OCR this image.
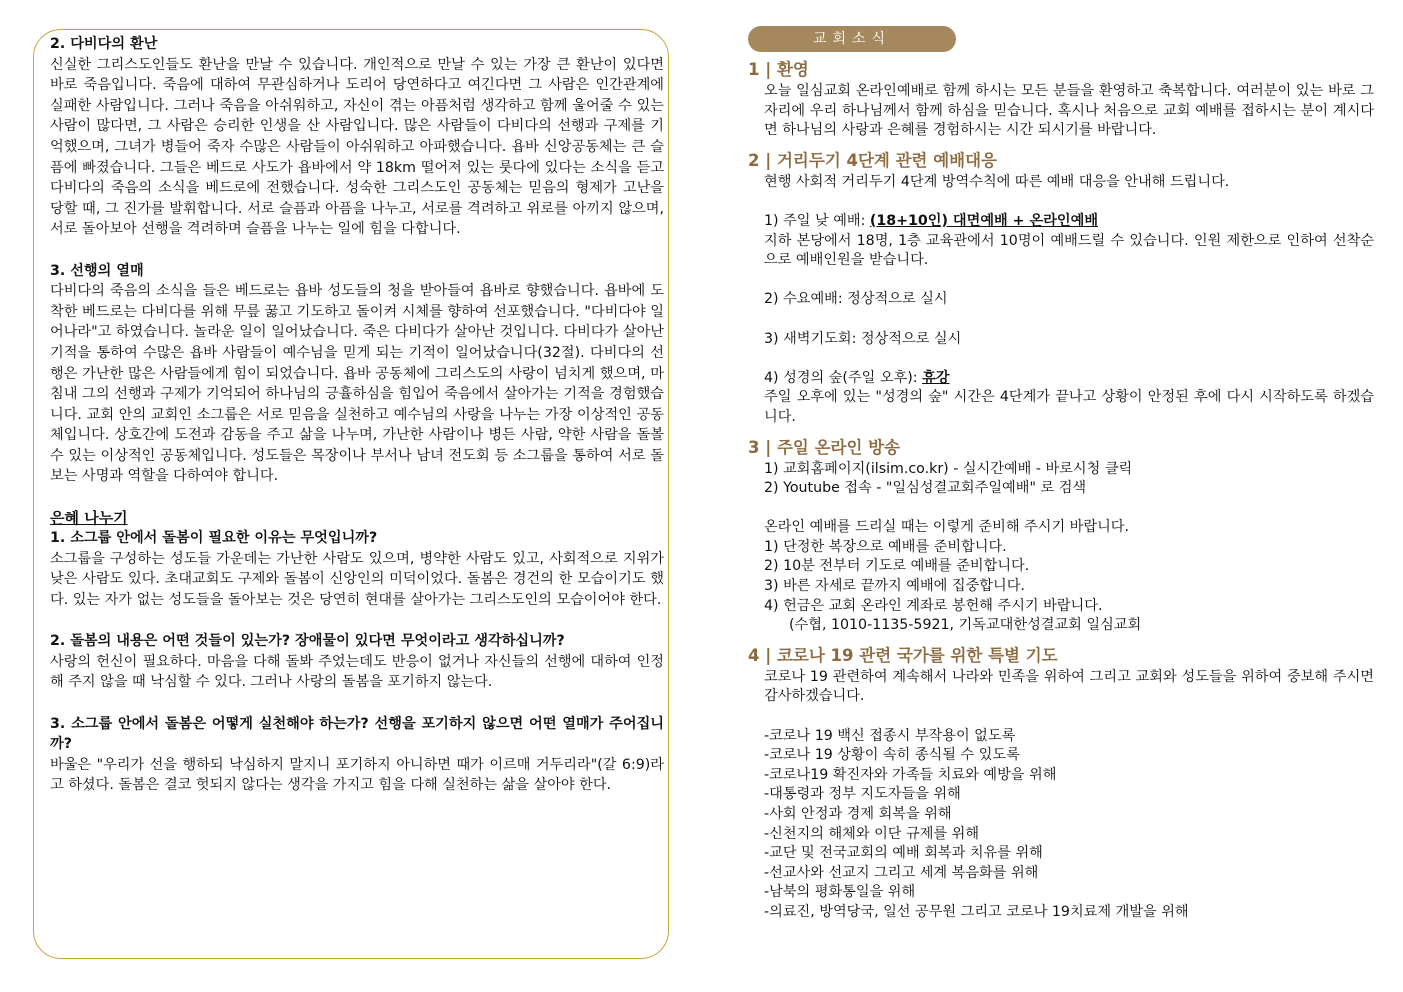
2. 다비다의 환난

신실한 그리스도인들도 환난을 만날 수 있습니다. 개인적으로 만날 수 있는 가장 큰 환난이 있다면 바로 죽음입니다. 죽음에 대하여 무관심하거나 도리어 당연하다고 여긴다면 그 사람은 인간관계에 실패한 사람입니다. 그러나 죽음을 아쉬워하고, 자신이 겪는 아픔처럼 생각하고 함께 울어줄 수 있는 사람이 많다면, 그 사람은 승리한 인생을 산 사람입니다. 많은 사람들이 다비다의 선행과 구제를 기억했으며, 그녀가 병들어 죽자 수많은 사람들이 아쉬워하고 아파했습니다. 욥바 신앙공동체는 큰 슬픔에 빠졌습니다. 그들은 베드로 사도가 욥바에서 약 18km 떨어져 있는 룻다에 있다는 소식을 듣고 다비다의 죽음의 소식을 베드로에 전했습니다. 성숙한 그리스도인 공동체는 믿음의 형제가 고난을 당할 때, 그 진가를 발휘합니다. 서로 슬픔과 아픔을 나누고, 서로를 격려하고 위로를 아끼지 않으며, 서로 돌아보아 선행을 격려하며 슬픔을 나누는 일에 힘을 다합니다.

3. 선행의 열매

다비다의 죽음의 소식을 들은 베드로는 욥바 성도들의 청을 받아들여 욥바로 향했습니다. 욥바에 도착한 베드로는 다비다를 위해 무릎 꿇고 기도하고 돌이켜 시체를 향하여 선포했습니다. "다비다야 일어나라"고 하였습니다. 놀라운 일이 일어났습니다. 죽은 다비다가 살아난 것입니다. 다비다가 살아난 기적을 통하여 수많은 욥바 사람들이 예수님을 믿게 되는 기적이 일어났습니다(32절). 다비다의 선행은 가난한 많은 사람들에게 힘이 되었습니다. 욥바 공동체에 그리스도의 사랑이 넘치게 했으며, 마침내 그의 선행과 구제가 기억되어 하나님의 긍휼하심을 힘입어 죽음에서 살아가는 기적을 경험했습니다. 교회 안의 교회인 소그룹은 서로 믿음을 실천하고 예수님의 사랑을 나누는 가장 이상적인 공동체입니다. 상호간에 도전과 감동을 주고 삶을 나누며, 가난한 사람이나 병든 사람, 약한 사람을 돌볼 수 있는 이상적인 공동체입니다. 성도들은 목장이나 부서나 남녀 전도회 등 소그룹을 통하여 서로 돌보는 사명과 역할을 다하여야 합니다.

은혜 나누기

1. 소그룹 안에서 돌봄이 필요한 이유는 무엇입니까?

소그룹을 구성하는 성도들 가운데는 가난한 사람도 있으며, 병약한 사람도 있고, 사회적으로 지위가 낮은 사람도 있다. 초대교회도 구제와 돌봄이 신앙인의 미덕이었다. 돌봄은 경건의 한 모습이기도 했다. 있는 자가 없는 성도들을 돌아보는 것은 당연히 현대를 살아가는 그리스도인의 모습이어야 한다.

2. 돌봄의 내용은 어떤 것들이 있는가? 장애물이 있다면 무엇이라고 생각하십니까?

사랑의 헌신이 필요하다. 마음을 다해 돌봐 주었는데도 반응이 없거나 자신들의 선행에 대하여 인정해 주지 않을 때 낙심할 수 있다. 그러나 사랑의 돌봄을 포기하지 않는다.

3. 소그룹 안에서 돌봄은 어떻게 실천해야 하는가? 선행을 포기하지 않으면 어떤 열매가 주어집니까?

바울은 "우리가 선을 행하되 낙심하지 말지니 포기하지 아니하면 때가 이르매 거두리라"(갈 6:9)라고 하셨다. 돌봄은 결코 헛되지 않다는 생각을 가지고 힘을 다해 실천하는 삶을 살아야 한다.

교회소식
1 | 환영

오늘 일심교회 온라인예배로 함께 하시는 모든 분들을 환영하고 축복합니다. 여러분이 있는 바로 그 자리에 우리 하나님께서 함께 하심을 믿습니다. 혹시나 처음으로 교회 예배를 접하시는 분이 계시다면 하나님의 사랑과 은혜를 경험하시는 시간 되시기를 바랍니다.

2 | 거리두기 4단계 관련 예배대응

현행 사회적 거리두기 4단계 방역수칙에 따른 예배 대응을 안내해 드립니다.

1) 주일 낮 예배: (18+10인) 대면예배 + 온라인예배

지하 본당에서 18명, 1층 교육관에서 10명이 예배드릴 수 있습니다. 인원 제한으로 인하여 선착순으로 예배인원을 받습니다.

2) 수요예배: 정상적으로 실시

3) 새벽기도회: 정상적으로 실시

4) 성경의 숲(주일 오후): 휴강

주일 오후에 있는 "성경의 숲" 시간은 4단계가 끝나고 상황이 안정된 후에 다시 시작하도록 하겠습니다.

3 | 주일 온라인 방송

1) 교회홈페이지(ilsim.co.kr) - 실시간예배 - 바로시청 클릭

2) Youtube 접속 - "일심성결교회주일예배" 로 검색

온라인 예배를 드리실 때는 이렇게 준비해 주시기 바랍니다.

1) 단정한 복장으로 예배를 준비합니다.

2) 10분 전부터 기도로 예배를 준비합니다.

3) 바른 자세로 끝까지 예배에 집중합니다.

4) 헌금은 교회 온라인 계좌로 봉헌해 주시기 바랍니다.

(수협, 1010-1135-5921, 기독교대한성결교회 일심교회

4 | 코로나 19 관련 국가를 위한 특별 기도

코로나 19 관련하여 계속해서 나라와 민족을 위하여 그리고 교회와 성도들을 위하여 중보해 주시면 감사하겠습니다.

-코로나 19 백신 접종시 부작용이 없도록

-코로나 19 상황이 속히 종식될 수 있도록

-코로나19 확진자와 가족들 치료와 예방을 위해

-대통령과 정부 지도자들을 위해

-사회 안정과 경제 회복을 위해

-신천지의 해체와 이단 규제를 위해

-교단 및 전국교회의 예배 회복과 치유를 위해

-선교사와 선교지 그리고 세계 복음화를 위해

-남북의 평화통일을 위해

-의료진, 방역당국, 일선 공무원 그리고 코로나 19치료제 개발을 위해
